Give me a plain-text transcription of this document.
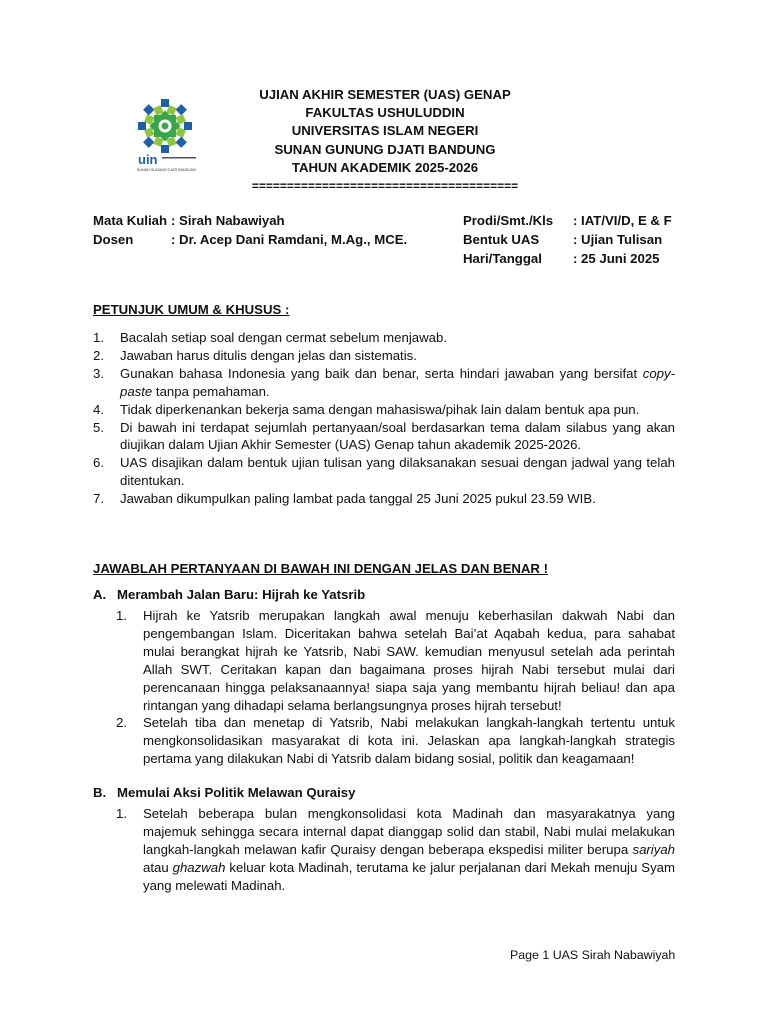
uin
SUNAN GUNUNG DJATI BANDUNG
UJIAN AKHIR SEMESTER (UAS) GENAP
FAKULTAS USHULUDDIN
UNIVERSITAS ISLAM NEGERI
SUNAN GUNUNG DJATI BANDUNG
TAHUN AKADEMIK 2025-2026
======================================
Mata Kuliah : Sirah Nabawiyah
Dosen	: Dr. Acep Dani Ramdani, M.Ag., MCE.
Prodi/Smt./Kls	: IAT/VI/D, E & F
Bentuk UAS	: Ujian Tulisan
Hari/Tanggal	: 25 Juni 2025
PETUNJUK UMUM & KHUSUS :
1.	Bacalah setiap soal dengan cermat sebelum menjawab.
2.	Jawaban harus ditulis dengan jelas dan sistematis.
3.	Gunakan bahasa Indonesia yang baik dan benar, serta hindari jawaban yang bersifat copy-paste tanpa pemahaman.
4.	Tidak diperkenankan bekerja sama dengan mahasiswa/pihak lain dalam bentuk apa pun.
5.	Di bawah ini terdapat sejumlah pertanyaan/soal berdasarkan tema dalam silabus yang akan diujikan dalam Ujian Akhir Semester (UAS) Genap tahun akademik 2025-2026.
6.	UAS disajikan dalam bentuk ujian tulisan yang dilaksanakan sesuai dengan jadwal yang telah ditentukan.
7.	Jawaban dikumpulkan paling lambat pada tanggal 25 Juni 2025 pukul 23.59 WIB.
JAWABLAH PERTANYAAN DI BAWAH INI DENGAN JELAS DAN BENAR !
A. Merambah Jalan Baru: Hijrah ke Yatsrib
1.	Hijrah ke Yatsrib merupakan langkah awal menuju keberhasilan dakwah Nabi dan pengembangan Islam. Diceritakan bahwa setelah Bai’at Aqabah kedua, para sahabat mulai berangkat hijrah ke Yatsrib, Nabi SAW. kemudian menyusul setelah ada perintah Allah SWT. Ceritakan kapan dan bagaimana proses hijrah Nabi tersebut mulai dari perencanaan hingga pelaksanaannya! siapa saja yang membantu hijrah beliau! dan apa rintangan yang dihadapi selama berlangsungnya proses hijrah tersebut!
2.	Setelah tiba dan menetap di Yatsrib, Nabi melakukan langkah-langkah tertentu untuk mengkonsolidasikan masyarakat di kota ini. Jelaskan apa langkah-langkah strategis pertama yang dilakukan Nabi di Yatsrib dalam bidang sosial, politik dan keagamaan!
B. Memulai Aksi Politik Melawan Quraisy
1.	Setelah beberapa bulan mengkonsolidasi kota Madinah dan masyarakatnya yang majemuk sehingga secara internal dapat dianggap solid dan stabil, Nabi mulai melakukan langkah-langkah melawan kafir Quraisy dengan beberapa ekspedisi militer berupa sariyah atau ghazwah keluar kota Madinah, terutama ke jalur perjalanan dari Mekah menuju Syam yang melewati Madinah.
Page 1 UAS Sirah Nabawiyah
